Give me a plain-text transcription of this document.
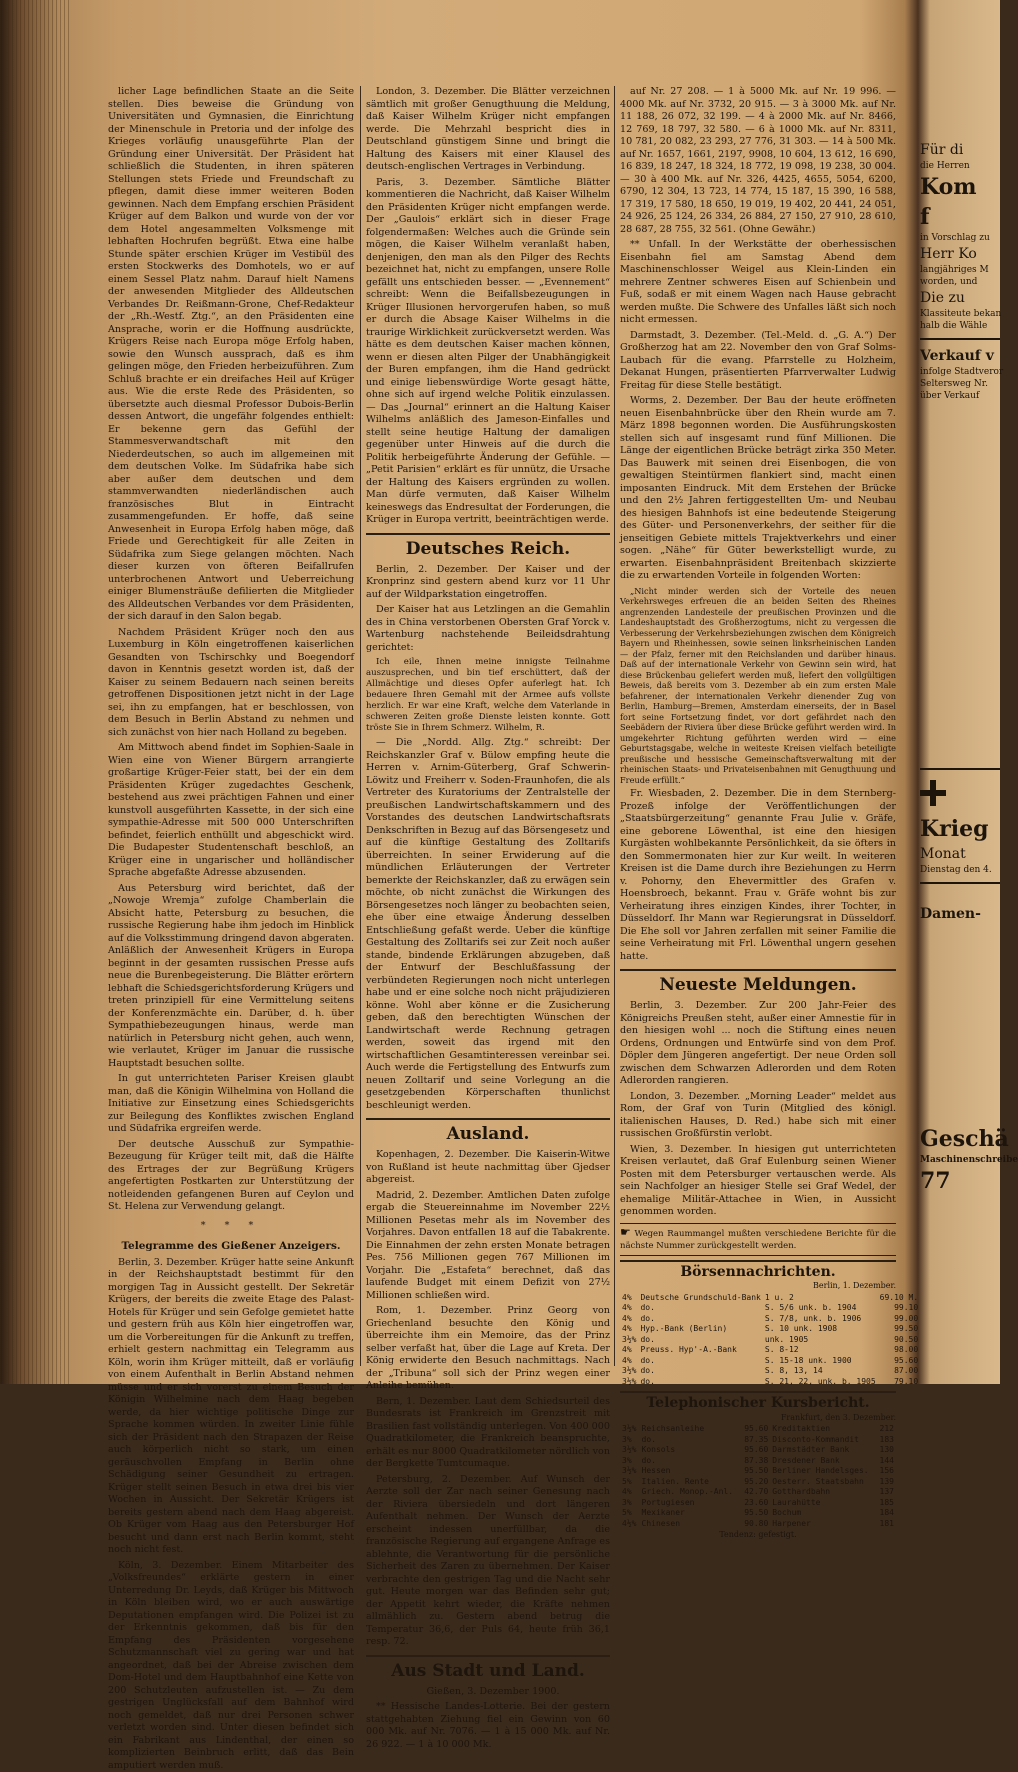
licher Lage befindlichen Staate an die Seite stellen. Dies beweise die Gründung von Universitäten und Gymnasien, die Einrichtung der Minenschule in Pretoria und der infolge des Krieges vorläufig unausgeführte Plan der Gründung einer Universität. Der Präsident hat schließlich die Studenten, in ihren späteren Stellungen stets Friede und Freundschaft zu pflegen, damit diese immer weiteren Boden gewinnen. Nach dem Empfang erschien Präsident Krüger auf dem Balkon und wurde von der vor dem Hotel angesammelten Volksmenge mit lebhaften Hochrufen begrüßt. Etwa eine halbe Stunde später erschien Krüger im Vestibül des ersten Stockwerks des Domhotels, wo er auf einem Sessel Platz nahm. Darauf hielt Namens der anwesenden Mitglieder des Alldeutschen Verbandes Dr. Reißmann-Grone, Chef-Redakteur der „Rh.-Westf. Ztg.“, an den Präsidenten eine Ansprache, worin er die Hoffnung ausdrückte, Krügers Reise nach Europa möge Erfolg haben, sowie den Wunsch aussprach, daß es ihm gelingen möge, den Frieden herbeizuführen. Zum Schluß brachte er ein dreifaches Heil auf Krüger aus. Wie die erste Rede des Präsidenten, so übersetzte auch diesmal Professor Dubois-Berlin dessen Antwort, die ungefähr folgendes enthielt: Er bekenne gern das Gefühl der Stammesverwandtschaft mit den Niederdeutschen, so auch im allgemeinen mit dem deutschen Volke. Im Südafrika habe sich aber außer dem deutschen und dem stammverwandten niederländischen auch französisches Blut in Eintracht zusammengefunden. Er hoffe, daß seine Anwesenheit in Europa Erfolg haben möge, daß Friede und Gerechtigkeit für alle Zeiten in Südafrika zum Siege gelangen möchten. Nach dieser kurzen von öfteren Beifallrufen unterbrochenen Antwort und Ueberreichung einiger Blumensträuße defilierten die Mitglieder des Alldeutschen Verbandes vor dem Präsidenten, der sich darauf in den Salon begab.

Nachdem Präsident Krüger noch den aus Luxemburg in Köln eingetroffenen kaiserlichen Gesandten von Tschirschky und Boegendorf davon in Kenntnis gesetzt worden ist, daß der Kaiser zu seinem Bedauern nach seinen bereits getroffenen Dispositionen jetzt nicht in der Lage sei, ihn zu empfangen, hat er beschlossen, von dem Besuch in Berlin Abstand zu nehmen und sich zunächst von hier nach Holland zu begeben.

Am Mittwoch abend findet im Sophien-Saale in Wien eine von Wiener Bürgern arrangierte großartige Krüger-Feier statt, bei der ein dem Präsidenten Krüger zugedachtes Geschenk, bestehend aus zwei prächtigen Fahnen und einer kunstvoll ausgeführten Kassette, in der sich eine sympathie-Adresse mit 500 000 Unterschriften befindet, feierlich enthüllt und abgeschickt wird. Die Budapester Studentenschaft beschloß, an Krüger eine in ungarischer und holländischer Sprache abgefaßte Adresse abzusenden.

Aus Petersburg wird berichtet, daß der „Nowoje Wremja“ zufolge Chamberlain die Absicht hatte, Petersburg zu besuchen, die russische Regierung habe ihm jedoch im Hinblick auf die Volksstimmung dringend davon abgeraten. Anläßlich der Anwesenheit Krügers in Europa beginnt in der gesamten russischen Presse aufs neue die Burenbegeisterung. Die Blätter erörtern lebhaft die Schiedsgerichtsforderung Krügers und treten prinzipiell für eine Vermittelung seitens der Konferenzmächte ein. Darüber, d. h. über Sympathiebezeugungen hinaus, werde man natürlich in Petersburg nicht gehen, auch wenn, wie verlautet, Krüger im Januar die russische Hauptstadt besuchen sollte.

In gut unterrichteten Pariser Kreisen glaubt man, daß die Königin Wilhelmina von Holland die Initiative zur Einsetzung eines Schiedsgerichts zur Beilegung des Konfliktes zwischen England und Südafrika ergreifen werde.

Der deutsche Ausschuß zur Sympathie-Bezeugung für Krüger teilt mit, daß die Hälfte des Ertrages der zur Begrüßung Krügers angefertigten Postkarten zur Unterstützung der notleidenden gefangenen Buren auf Ceylon und St. Helena zur Verwendung gelangt.

* * *
Telegramme des Gießener Anzeigers.

Berlin, 3. Dezember. Krüger hatte seine Ankunft in der Reichshauptstadt bestimmt für den morgigen Tag in Aussicht gestellt. Der Sekretär Krügers, der bereits die zweite Etage des Palast-Hotels für Krüger und sein Gefolge gemietet hatte und gestern früh aus Köln hier eingetroffen war, um die Vorbereitungen für die Ankunft zu treffen, erhielt gestern nachmittag ein Telegramm aus Köln, worin ihm Krüger mitteilt, daß er vorläufig von einem Aufenthalt in Berlin Abstand nehmen müsse und er sich vorerst zu einem Besuch der Königin Wilhelmine nach dem Haag begeben werde, da hier wichtige politische Dinge zur Sprache kommen würden. In zweiter Linie fühle sich der Präsident nach den Strapazen der Reise auch körperlich nicht so stark, um einen geräuschvollen Empfang in Berlin ohne Schädigung seiner Gesundheit zu ertragen. Krüger stellt seinen Besuch in etwa drei bis vier Wochen in Aussicht. Der Sekretär Krügers ist bereits gestern abend nach dem Haag abgereist. Ob Krüger vom Haag aus den Petersburger Hof besucht und dann erst nach Berlin kommt, steht noch nicht fest.

Köln, 3. Dezember. Einem Mitarbeiter des „Volksfreundes“ erklärte gestern in einer Unterredung Dr. Leyds, daß Krüger bis Mittwoch in Köln bleiben wird, wo er auch auswärtige Deputationen empfangen wird. Die Polizei ist zu der Erkenntnis gekommen, daß bis für den Empfang des Präsidenten vorgesehene Schutzmannschaft viel zu gering war und hat angeordnet, daß bei der Abreise zwischen dem Dom-Hotel und dem Hauptbahnhof eine Kette von 200 Schutzleuten aufzustellen ist. — Zu dem gestrigen Unglücksfall auf dem Bahnhof wird noch gemeldet, daß nur drei Personen schwer verletzt worden sind. Unter diesen befindet sich ein Fabrikant aus Lindenthal, der einen so komplizierten Beinbruch erlitt, daß das Bein amputiert werden muß.

London, 3. Dezember. Die Blätter verzeichnen sämtlich mit großer Genugthuung die Meldung, daß Kaiser Wilhelm Krüger nicht empfangen werde. Die Mehrzahl bespricht dies in Deutschland günstigem Sinne und bringt die Haltung des Kaisers mit einer Klausel des deutsch-englischen Vertrages in Verbindung.

Paris, 3. Dezember. Sämtliche Blätter kommentieren die Nachricht, daß Kaiser Wilhelm den Präsidenten Krüger nicht empfangen werde. Der „Gaulois“ erklärt sich in dieser Frage folgendermaßen: Welches auch die Gründe sein mögen, die Kaiser Wilhelm veranlaßt haben, denjenigen, den man als den Pilger des Rechts bezeichnet hat, nicht zu empfangen, unsere Rolle gefällt uns entschieden besser. — „Evennement“ schreibt: Wenn die Beifallsbezeugungen in Krüger Illusionen hervorgerufen haben, so muß er durch die Absage Kaiser Wilhelms in die traurige Wirklichkeit zurückversetzt werden. Was hätte es dem deutschen Kaiser machen können, wenn er diesen alten Pilger der Unabhängigkeit der Buren empfangen, ihm die Hand gedrückt und einige liebenswürdige Worte gesagt hätte, ohne sich auf irgend welche Politik einzulassen. — Das „Journal“ erinnert an die Haltung Kaiser Wilhelms anläßlich des Jameson-Einfalles und stellt seine heutige Haltung der damaligen gegenüber unter Hinweis auf die durch die Politik herbeigeführte Änderung der Gefühle. — „Petit Parisien“ erklärt es für unnütz, die Ursache der Haltung des Kaisers ergründen zu wollen. Man dürfe vermuten, daß Kaiser Wilhelm keineswegs das Endresultat der Forderungen, die Krüger in Europa vertritt, beeinträchtigen werde.

Deutsches Reich.

Berlin, 2. Dezember. Der Kaiser und der Kronprinz sind gestern abend kurz vor 11 Uhr auf der Wildparkstation eingetroffen.

Der Kaiser hat aus Letzlingen an die Gemahlin des in China verstorbenen Obersten Graf Yorck v. Wartenburg nachstehende Beileidsdrahtung gerichtet:

Ich eile, Ihnen meine innigste Teilnahme auszusprechen, und bin tief erschüttert, daß der Allmächtige und dieses Opfer auferlegt hat. Ich bedauere Ihren Gemahl mit der Armee aufs vollste herzlich. Er war eine Kraft, welche dem Vaterlande in schweren Zeiten große Dienste leisten konnte. Gott tröste Sie in Ihrem Schmerz. Wilhelm, R.

— Die „Nordd. Allg. Ztg.“ schreibt: Der Reichskanzler Graf v. Bülow empfing heute die Herren v. Arnim-Güterberg, Graf Schwerin-Löwitz und Freiherr v. Soden-Fraunhofen, die als Vertreter des Kuratoriums der Zentralstelle der preußischen Landwirtschaftskammern und des Vorstandes des deutschen Landwirtschaftsrats Denkschriften in Bezug auf das Börsengesetz und auf die künftige Gestaltung des Zolltarifs überreichten. In seiner Erwiderung auf die mündlichen Erläuterungen der Vertreter bemerkte der Reichskanzler, daß zu erwägen sein möchte, ob nicht zunächst die Wirkungen des Börsengesetzes noch länger zu beobachten seien, ehe über eine etwaige Änderung desselben Entschließung gefaßt werde. Ueber die künftige Gestaltung des Zolltarifs sei zur Zeit noch außer stande, bindende Erklärungen abzugeben, daß der Entwurf der Beschlußfassung der verbündeten Regierungen noch nicht unterlegen habe und er eine solche noch nicht präjudizieren könne. Wohl aber könne er die Zusicherung geben, daß den berechtigten Wünschen der Landwirtschaft werde Rechnung getragen werden, soweit das irgend mit den wirtschaftlichen Gesamtinteressen vereinbar sei. Auch werde die Fertigstellung des Entwurfs zum neuen Zolltarif und seine Vorlegung an die gesetzgebenden Körperschaften thunlichst beschleunigt werden.

Ausland.

Kopenhagen, 2. Dezember. Die Kaiserin-Witwe von Rußland ist heute nachmittag über Gjedser abgereist.

Madrid, 2. Dezember. Amtlichen Daten zufolge ergab die Steuereinnahme im November 22½ Millionen Pesetas mehr als im November des Vorjahres. Davon entfallen 18 auf die Tabakrente. Die Einnahmen der zehn ersten Monate betragen Pes. 756 Millionen gegen 767 Millionen im Vorjahr. Die „Estafeta“ berechnet, daß das laufende Budget mit einem Defizit von 27½ Millionen schließen wird.

Rom, 1. Dezember. Prinz Georg von Griechenland besuchte den König und überreichte ihm ein Memoire, das der Prinz selber verfaßt hat, über die Lage auf Kreta. Der König erwiderte den Besuch nachmittags. Nach der „Tribuna“ soll sich der Prinz wegen einer Anleihe bemühen.

Bern, 1. Dezember. Laut dem Schiedsurteil des Bundesrats ist Frankreich im Grenzstreit mit Brasilien fast vollständig unterlegen. Von 400 000 Quadratkilometer, die Frankreich beanspruchte, erhält es nur 8000 Quadratkilometer nördlich von der Bergkette Tumtcumaque.

Petersburg, 2. Dezember. Auf Wunsch der Aerzte soll der Zar nach seiner Genesung nach der Riviera übersiedeln und dort längeren Aufenthalt nehmen. Der Wunsch der Aerzte erscheint indessen unerfüllbar, da die französische Regierung auf ergangene Anfrage es ablehnte, die Verantwortung für die persönliche Sicherheit des Zaren zu übernehmen. Der Kaiser verbrachte den gestrigen Tag und die Nacht sehr gut. Heute morgen war das Befinden sehr gut; der Appetit kehrt wieder, die Kräfte nehmen allmählich zu. Gestern abend betrug die Temperatur 36,6, der Puls 64, heute früh 36,1 resp. 72.

Aus Stadt und Land.

Gießen, 3. Dezember 1900.

** Hessische Landes-Lotterie. Bei der gestern stattgehabten Ziehung fiel ein Gewinn von 60 000 Mk. auf Nr. 7076. — 1 à 15 000 Mk. auf Nr. 26 922. — 1 à 10 000 Mk.

auf Nr. 27 208. — 1 à 5000 Mk. auf Nr. 19 996. — 4000 Mk. auf Nr. 3732, 20 915. — 3 à 3000 Mk. auf Nr. 11 188, 26 072, 32 199. — 4 à 2000 Mk. auf Nr. 8466, 12 769, 18 797, 32 580. — 6 à 1000 Mk. auf Nr. 8311, 10 781, 20 082, 23 293, 27 776, 31 303. — 14 à 500 Mk. auf Nr. 1657, 1661, 2197, 9908, 10 604, 13 612, 16 690, 16 839, 18 247, 18 324, 18 772, 19 098, 19 238, 30 004. — 30 à 400 Mk. auf Nr. 326, 4425, 4655, 5054, 6200, 6790, 12 304, 13 723, 14 774, 15 187, 15 390, 16 588, 17 319, 17 580, 18 650, 19 019, 19 402, 20 441, 24 051, 24 926, 25 124, 26 334, 26 884, 27 150, 27 910, 28 610, 28 687, 28 755, 32 561. (Ohne Gewähr.)

** Unfall. In der Werkstätte der oberhessischen Eisenbahn fiel am Samstag Abend dem Maschinenschlosser Weigel aus Klein-Linden ein mehrere Zentner schweres Eisen auf Schienbein und Fuß, sodaß er mit einem Wagen nach Hause gebracht werden mußte. Die Schwere des Unfalles läßt sich noch nicht ermessen.

Darmstadt, 3. Dezember. (Tel.-Meld. d. „G. A.“) Der Großherzog hat am 22. November den von Graf Solms-Laubach für die evang. Pfarrstelle zu Holzheim, Dekanat Hungen, präsentierten Pfarrverwalter Ludwig Freitag für diese Stelle bestätigt.

Worms, 2. Dezember. Der Bau der heute eröffneten neuen Eisenbahnbrücke über den Rhein wurde am 7. März 1898 begonnen worden. Die Ausführungskosten stellen sich auf insgesamt rund fünf Millionen. Die Länge der eigentlichen Brücke beträgt zirka 350 Meter. Das Bauwerk mit seinen drei Eisenbogen, die von gewaltigen Steintürmen flankiert sind, macht einen imposanten Eindruck. Mit dem Erstehen der Brücke und den 2½ Jahren fertiggestellten Um- und Neubau des hiesigen Bahnhofs ist eine bedeutende Steigerung des Güter- und Personenverkehrs, der seither für die jenseitigen Gebiete mittels Trajektverkehrs und einer sogen. „Nähe“ für Güter bewerkstelligt wurde, zu erwarten. Eisenbahnpräsident Breitenbach skizzierte die zu erwartenden Vorteile in folgenden Worten:

„Nicht minder werden sich der Vorteile des neuen Verkehrsweges erfreuen die an beiden Seiten des Rheines angrenzenden Landesteile der preußischen Provinzen und die Landeshauptstadt des Großherzogtums, nicht zu vergessen die Verbesserung der Verkehrsbeziehungen zwischen dem Königreich Bayern und Rheinhessen, sowie seinen linksrheinischen Landen — der Pfalz, ferner mit den Reichslanden und darüber hinaus. Daß auf der internationale Verkehr von Gewinn sein wird, hat diese Brückenbau geliefert werden muß, liefert den vollgültigen Beweis, daß bereits vom 3. Dezember ab ein zum ersten Male befahrener, der internationalen Verkehr dienender Zug von Berlin, Hamburg—Bremen, Amsterdam einerseits, der in Basel fort seine Fortsetzung findet, vor dort gefährdet nach den Seebädern der Riviera über diese Brücke geführt werden wird. In umgekehrter Richtung geführten werden wird — eine Geburtstagsgabe, welche in weiteste Kreisen vielfach beteiligte preußische und hessische Gemeinschaftsverwaltung mit der rheinischen Staats- und Privateisenbahnen mit Genugthuung und Freude erfüllt.“

Fr. Wiesbaden, 2. Dezember. Die in dem Sternberg-Prozeß infolge der Veröffentlichungen der „Staatsbürgerzeitung“ genannte Frau Julie v. Gräfe, eine geborene Löwenthal, ist eine den hiesigen Kurgästen wohlbekannte Persönlichkeit, da sie öfters in den Sommermonaten hier zur Kur weilt. In weiteren Kreisen ist die Dame durch ihre Beziehungen zu Herrn v. Pohorny, den Ehevermittler des Grafen v. Hoensbroech, bekannt. Frau v. Gräfe wohnt bis zur Verheiratung ihres einzigen Kindes, ihrer Tochter, in Düsseldorf. Ihr Mann war Regierungsrat in Düsseldorf. Die Ehe soll vor Jahren zerfallen mit seiner Familie die seine Verheiratung mit Frl. Löwenthal ungern gesehen hatte.

Neueste Meldungen.

Berlin, 3. Dezember. Zur 200 Jahr-Feier des Königreichs Preußen steht, außer einer Amnestie für in den hiesigen wohl ... noch die Stiftung eines neuen Ordens, Ordnungen und Entwürfe sind von dem Prof. Döpler dem Jüngeren angefertigt. Der neue Orden soll zwischen dem Schwarzen Adlerorden und dem Roten Adlerorden rangieren.

London, 3. Dezember. „Morning Leader“ meldet aus Rom, der Graf von Turin (Mitglied des königl. italienischen Hauses, D. Red.) habe sich mit einer russischen Großfürstin verlobt.

Wien, 3. Dezember. In hiesigen gut unterrichteten Kreisen verlautet, daß Graf Eulenburg seinen Wiener Posten mit dem Petersburger vertauschen werde. Als sein Nachfolger an hiesiger Stelle sei Graf Wedel, der ehemalige Militär-Attachee in Wien, in Aussicht genommen worden.

☛ Wegen Raummangel mußten verschiedene Berichte für die nächste Nummer zurückgestellt werden.
Börsennachrichten.
Berlin, 1. Dezember.
4%	Deutsche Grundschuld-Bank	1 u. 2	69.10 M.
4%	do.	S. 5/6 unk. b. 1904	99.10
4%	do.	S. 7/8, unk. b. 1906	99.00
4%	Hyp.-Bank (Berlin)	S. 10 unk. 1908	99.50
3½%	do.	unk. 1905	90.50
4%	Preuss. Hyp'-A.-Bank	S. 8-12	98.00
4%	do.	S. 15-18 unk. 1900	95.60
3½%	do.	S. 8, 13, 14	87.00
3½%	do.	S. 21, 22, unk. b. 1905	79.10
Telephonischer Kursbericht.
Frankfurt, den 3. Dezember.
3½%	Reichsanleihe	95.60	Kreditaktien	212
3%	do.	87.35	Disconto-Kommandit	183
3½%	Konsols	95.60	Darmstädter Bank	130
3%	do.	87.38	Dresdener Bank	144
3½%	Hessen	95.50	Berliner Handelsges.	156
5%	Italien. Rente	95.20	Oesterr. Staatsbahn	139
4%	Griech. Monop.-Anl.	42.70	Gotthardbahn	137
3%	Portugiesen	23.60	Laurahütte	185
5%	Mexikaner	95.50	Bochum	184
4½%	Chinesen	90.80	Harpener	181
Tendenz: gefestigt.
Für di
die Herren
Kom
f
in Vorschlag zu
Herr Ko
langjähriges M
worden, und
Die zu
Klassiteute bekan
halb die Wähle
Verkauf v
infolge Stadtveror
Seltersweg Nr.
über Verkauf
Krieg
Monat
Dienstag den 4.
Damen-
Geschä
Maschinenschreibe
77
